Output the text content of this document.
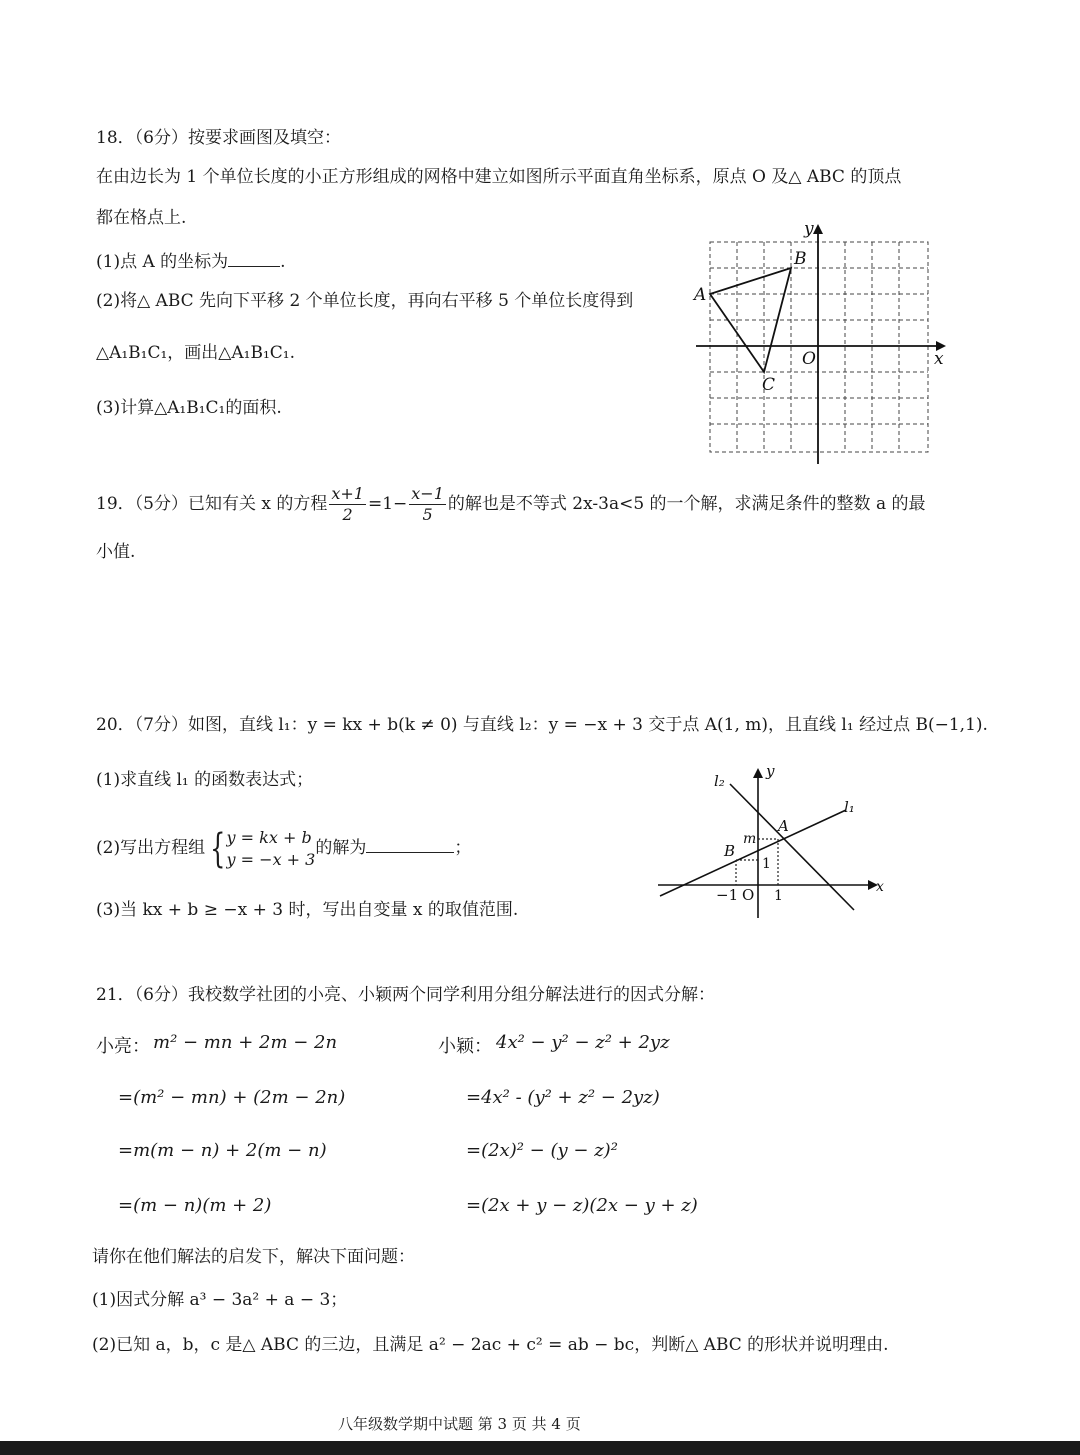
18．（6分）按要求画图及填空：
在由边长为 1 个单位长度的小正方形组成的网格中建立如图所示平面直角坐标系，原点 O 及△ ABC 的顶点
都在格点上.
(1)点 A 的坐标为	.
(2)将△ ABC 先向下平移 2 个单位长度，再向右平移 5 个单位长度得到
△A₁B₁C₁，画出△A₁B₁C₁.
(3)计算△A₁B₁C₁的面积.
x
y
O
A
B
C
19．（5分）已知有关 x 的方程 $\frac{x+1}{2} =1- \frac{x-1}{5}$ 的解也是不等式 2x-3a<5 的一个解，求满足条件的整数 a 的最
小值.
20．（7分）如图，直线 l₁：y = kx + b(k ≠ 0) 与直线 l₂：y = −x + 3 交于点 A(1, m)，且直线 l₁ 经过点 B(−1,1).
(1)求直线 l₁ 的函数表达式；
(2)写出方程组 { y = kx + b
y = −x + 3
的解为	；
(3)当 kx + b ≥ −x + 3 时，写出自变量 x 的取值范围.
l₂
y
l₁
A
m
B
1
−1 O 1
x
21．（6分）我校数学社团的小亮、小颖两个同学利用分组分解法进行的因式分解：
小亮： m² − mn + 2m − 2n
=(m² − mn) + (2m − 2n)
=m(m − n) + 2(m − n)
=(m − n)(m + 2)
小颖： 4x² − y² − z² + 2yz
=4x² - (y² + z² − 2yz)
=(2x)² − (y − z)²
=(2x + y − z)(2x − y + z)
请你在他们解法的启发下，解决下面问题：
(1)因式分解 a³ − 3a² + a − 3；
(2)已知 a，b，c 是△ ABC 的三边，且满足 a² − 2ac + c² = ab − bc，判断△ ABC 的形状并说明理由.
八年级数学期中试题 第 3 页 共 4 页
